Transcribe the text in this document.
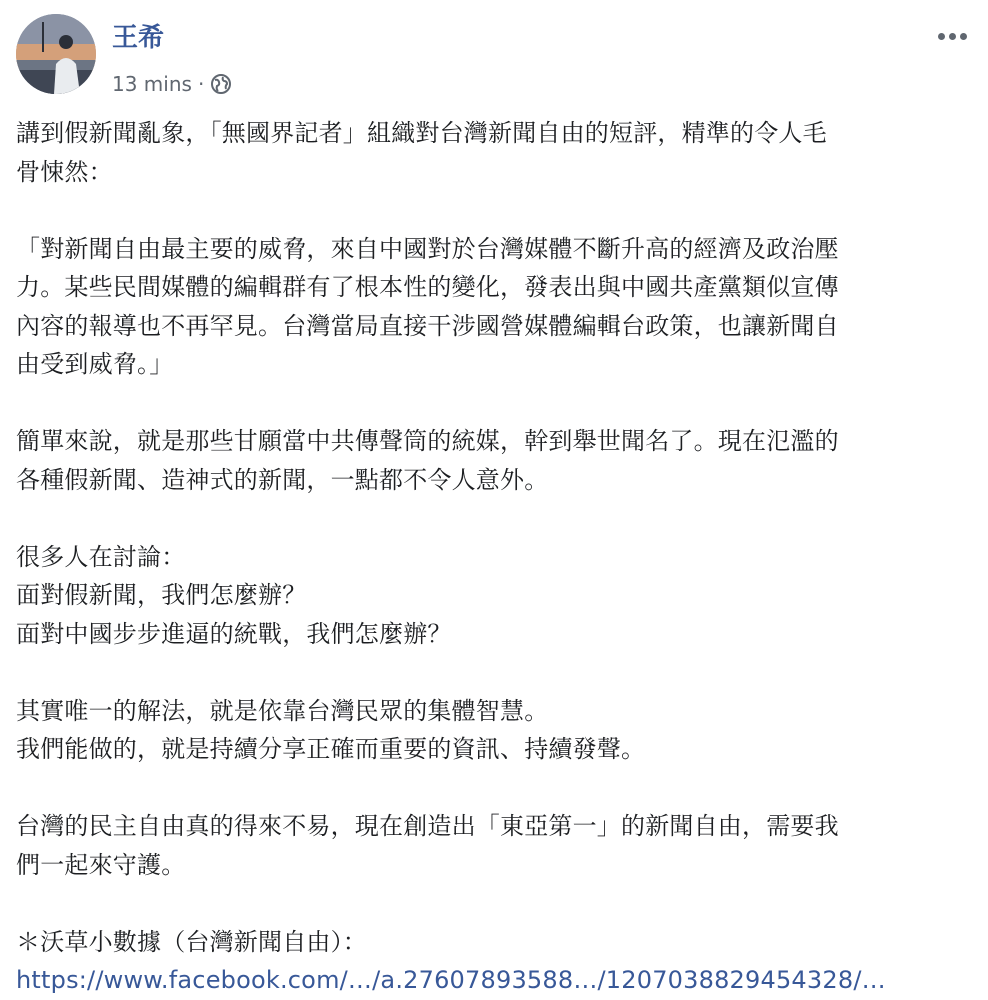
王希
13 mins ·

講到假新聞亂象，「無國界記者」組織對台灣新聞自由的短評，精準的令人毛

骨悚然：

「對新聞自由最主要的威脅，來自中國對於台灣媒體不斷升高的經濟及政治壓

力。某些民間媒體的編輯群有了根本性的變化，發表出與中國共產黨類似宣傳

內容的報導也不再罕見。台灣當局直接干涉國營媒體編輯台政策，也讓新聞自

由受到威脅。」

簡單來說，就是那些甘願當中共傳聲筒的統媒，幹到舉世聞名了。現在氾濫的

各種假新聞、造神式的新聞，一點都不令人意外。

很多人在討論：

面對假新聞，我們怎麼辦？

面對中國步步進逼的統戰，我們怎麼辦？

其實唯一的解法，就是依靠台灣民眾的集體智慧。

我們能做的，就是持續分享正確而重要的資訊、持續發聲。

台灣的民主自由真的得來不易，現在創造出「東亞第一」的新聞自由，需要我

們一起來守護。

＊沃草小數據（台灣新聞自由）：

https://www.facebook.com/…/a.27607893588…/1207038829454328/…
